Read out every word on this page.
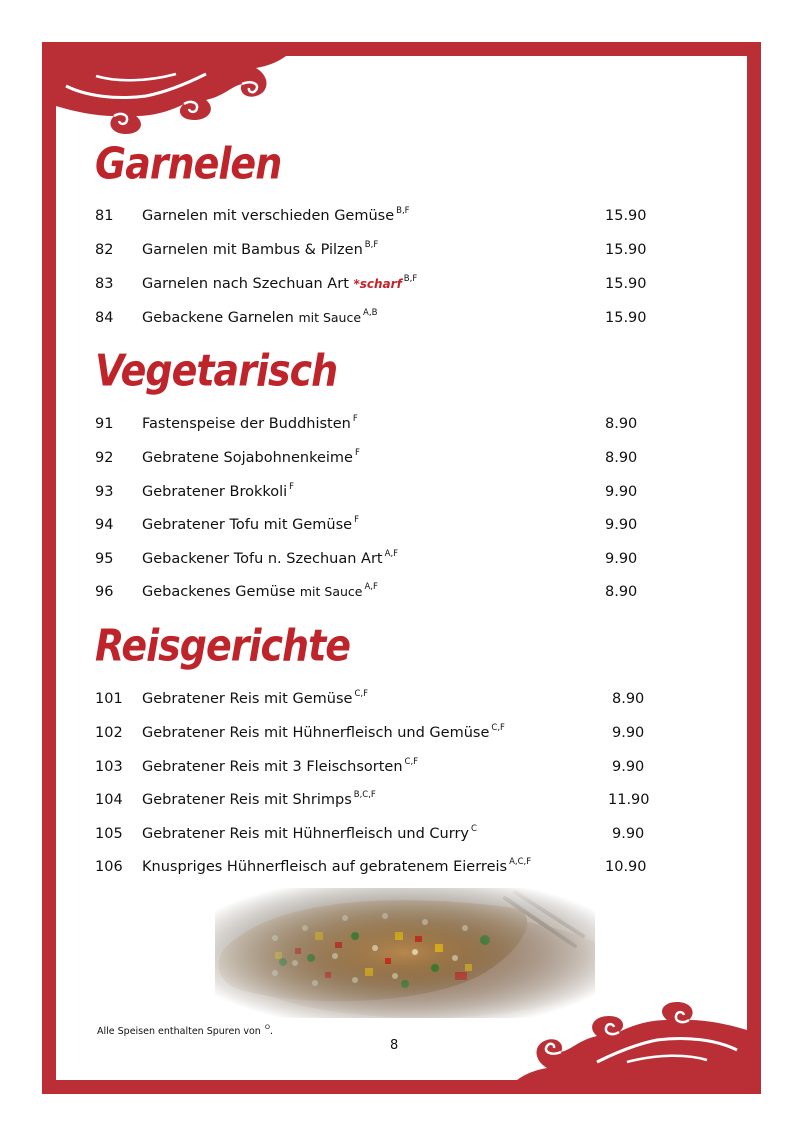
Garnelen
81 Garnelen mit verschieden Gemüse $^{B,F}$	15.90
82 Garnelen mit Bambus & Pilzen $^{B,F}$	15.90
83 Garnelen nach Szechuan Art *scharf $^{B,F}$	15.90
84 Gebackene Garnelen mit Sauce $^{A,B}$	15.90
Vegetarisch
91 Fastenspeise der Buddhisten $^F$	8.90
92 Gebratene Sojabohnenkeime $^F$	8.90
93 Gebratener Brokkoli $^F$	9.90
94 Gebratener Tofu mit Gemüse $^F$	9.90
95 Gebackener Tofu n. Szechuan Art $^{A,F}$	9.90
96 Gebackenes Gemüse mit Sauce $^{A,F}$	8.90
Reisgerichte
101 Gebratener Reis mit Gemüse $^{C,F}$	8.90
102 Gebratener Reis mit Hühnerfleisch und Gemüse $^{C,F}$	9.90
103 Gebratener Reis mit 3 Fleischsorten $^{C,F}$	9.90
104 Gebratener Reis mit Shrimps $^{B,C,F}$	11.90
105 Gebratener Reis mit Hühnerfleisch und Curry $^C$	9.90
106 Knuspriges Hühnerfleisch auf gebratenem Eierreis $^{A,C,F}$	10.90
Alle Speisen enthalten Spuren von $^O$.
8
